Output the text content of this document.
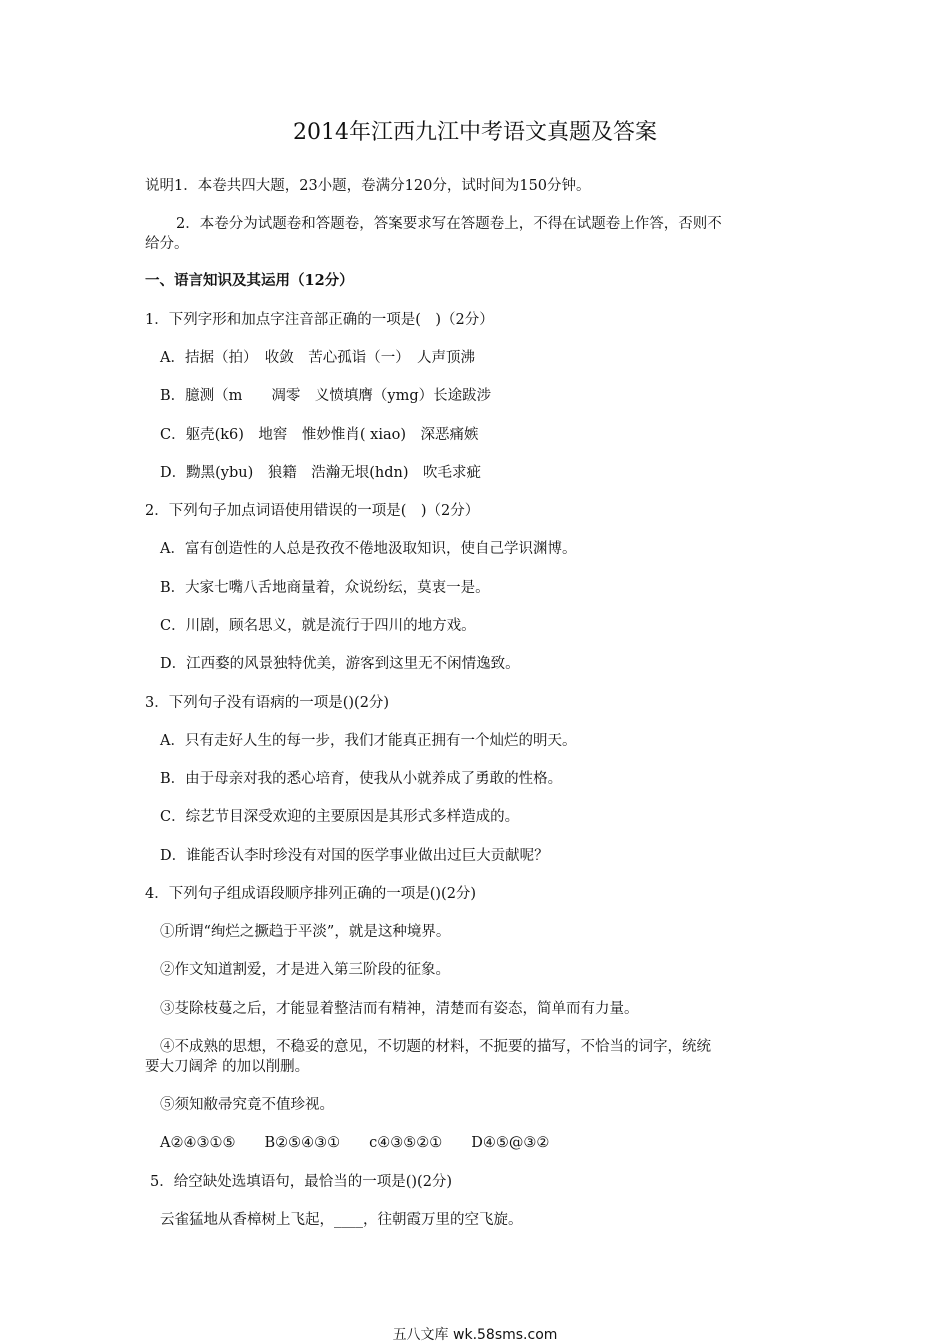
2014年江西九江中考语文真题及答案
说明1．本卷共四大题，23小题，卷满分120分，试时间为150分钟。
2．本卷分为试题卷和答题卷，答案要求写在答题卷上，不得在试题卷上作答，否则不
给分。
一、语言知识及其运用（12分）
1．下列字形和加点字注音部正确的一项是(　)（2分）
A．拮据（拍）　收敛　苦心孤诣（一）　人声顶沸
B．臆测（m　　凋零　义愤填膺（ymg）长途跋涉
C．躯壳(k6)　地窖　惟妙惟肖( xiao)　深恶痛嫉
D．黝黑(ybu)　狼籍　浩瀚无垠(hdn)　吹毛求疵
2．下列句子加点词语使用错误的一项是(　)（2分）
A．富有创造性的人总是孜孜不倦地汲取知识，使自己学识渊博。
B．大家七嘴八舌地商量着，众说纷纭，莫衷一是。
C．川剧，顾名思义，就是流行于四川的地方戏。
D．江西婺的风景独特优美，游客到这里无不闲情逸致。
3．下列句子没有语病的一项是()(2分)
A．只有走好人生的每一步，我们才能真正拥有一个灿烂的明天。
B．由于母亲对我的悉心培育，使我从小就养成了勇敢的性格。
C．综艺节目深受欢迎的主要原因是其形式多样造成的。
D．谁能否认李时珍没有对国的医学事业做出过巨大贡献呢？
4．下列句子组成语段顺序排列正确的一项是()(2分)
①所谓“绚烂之撅趋于平淡”，就是这种境界。
②作文知道割爱，才是进入第三阶段的征象。
③芟除枝蔓之后，才能显着整洁而有精神，清楚而有姿态，简单而有力量。
④不成熟的思想，不稳妥的意见，不切题的材料，不扼要的描写，不恰当的词字，统统
要大刀阔斧 的加以削删。
⑤须知敝帚究竟不值珍视。
A②④③①⑤　　B②⑤④③①　　c④③⑤②①　　D④⑤@③②
5．给空缺处选填语句，最恰当的一项是()(2分)
云雀猛地从香樟树上飞起，____，往朝霞万里的空飞旋。
五八文库 wk.58sms.com
